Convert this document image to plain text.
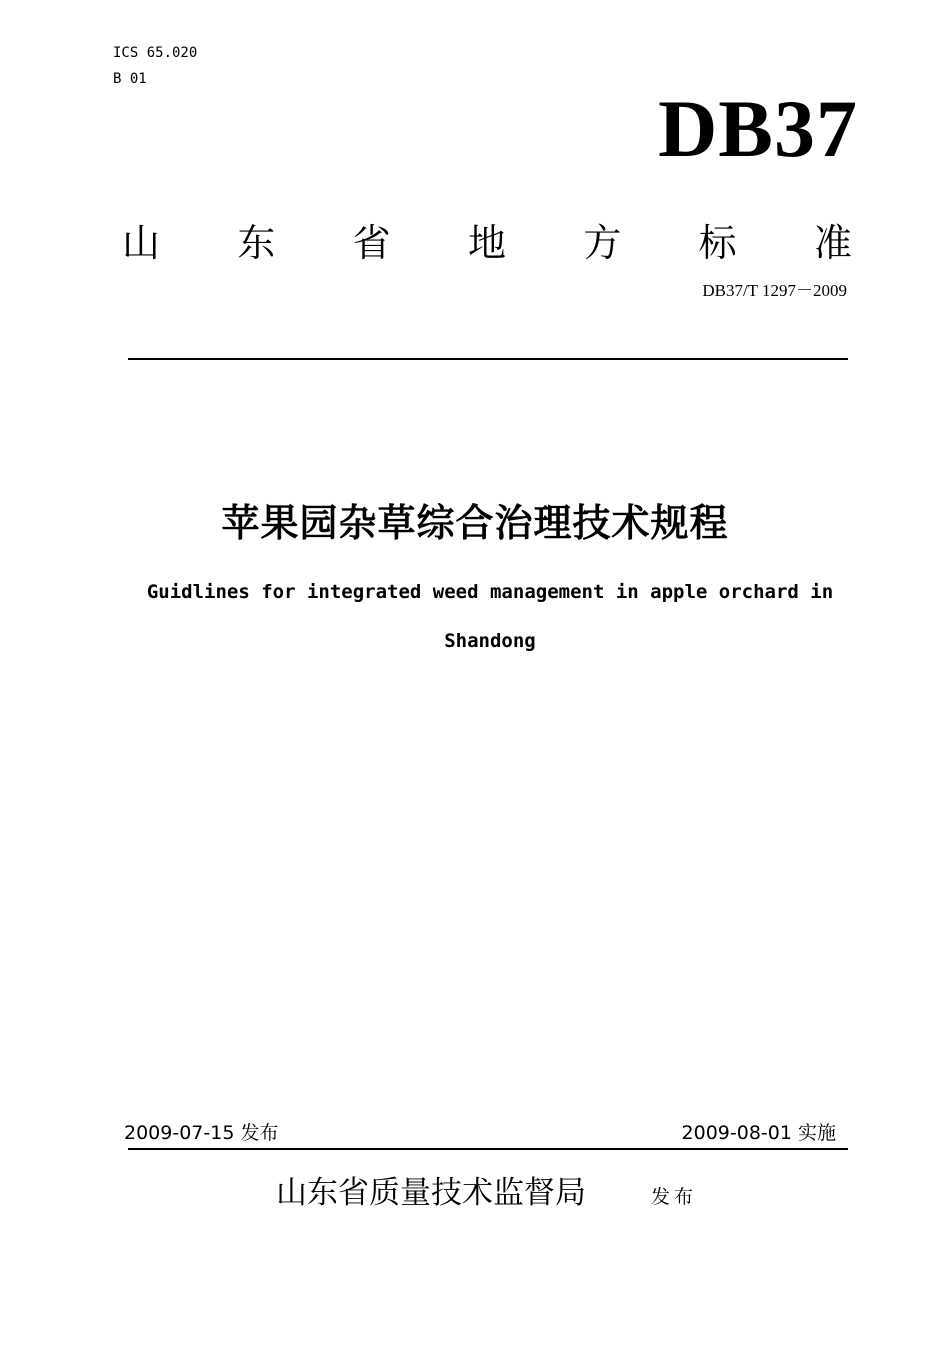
ICS 65.020
B 01
DB37
山 东 省 地 方 标 准
DB37/T 1297－2009
苹果园杂草综合治理技术规程
Guidlines for integrated weed management in apple orchard in
Shandong
2009-07-15 发布	2009-08-01 实施
山东省质量技术监督局	发布
